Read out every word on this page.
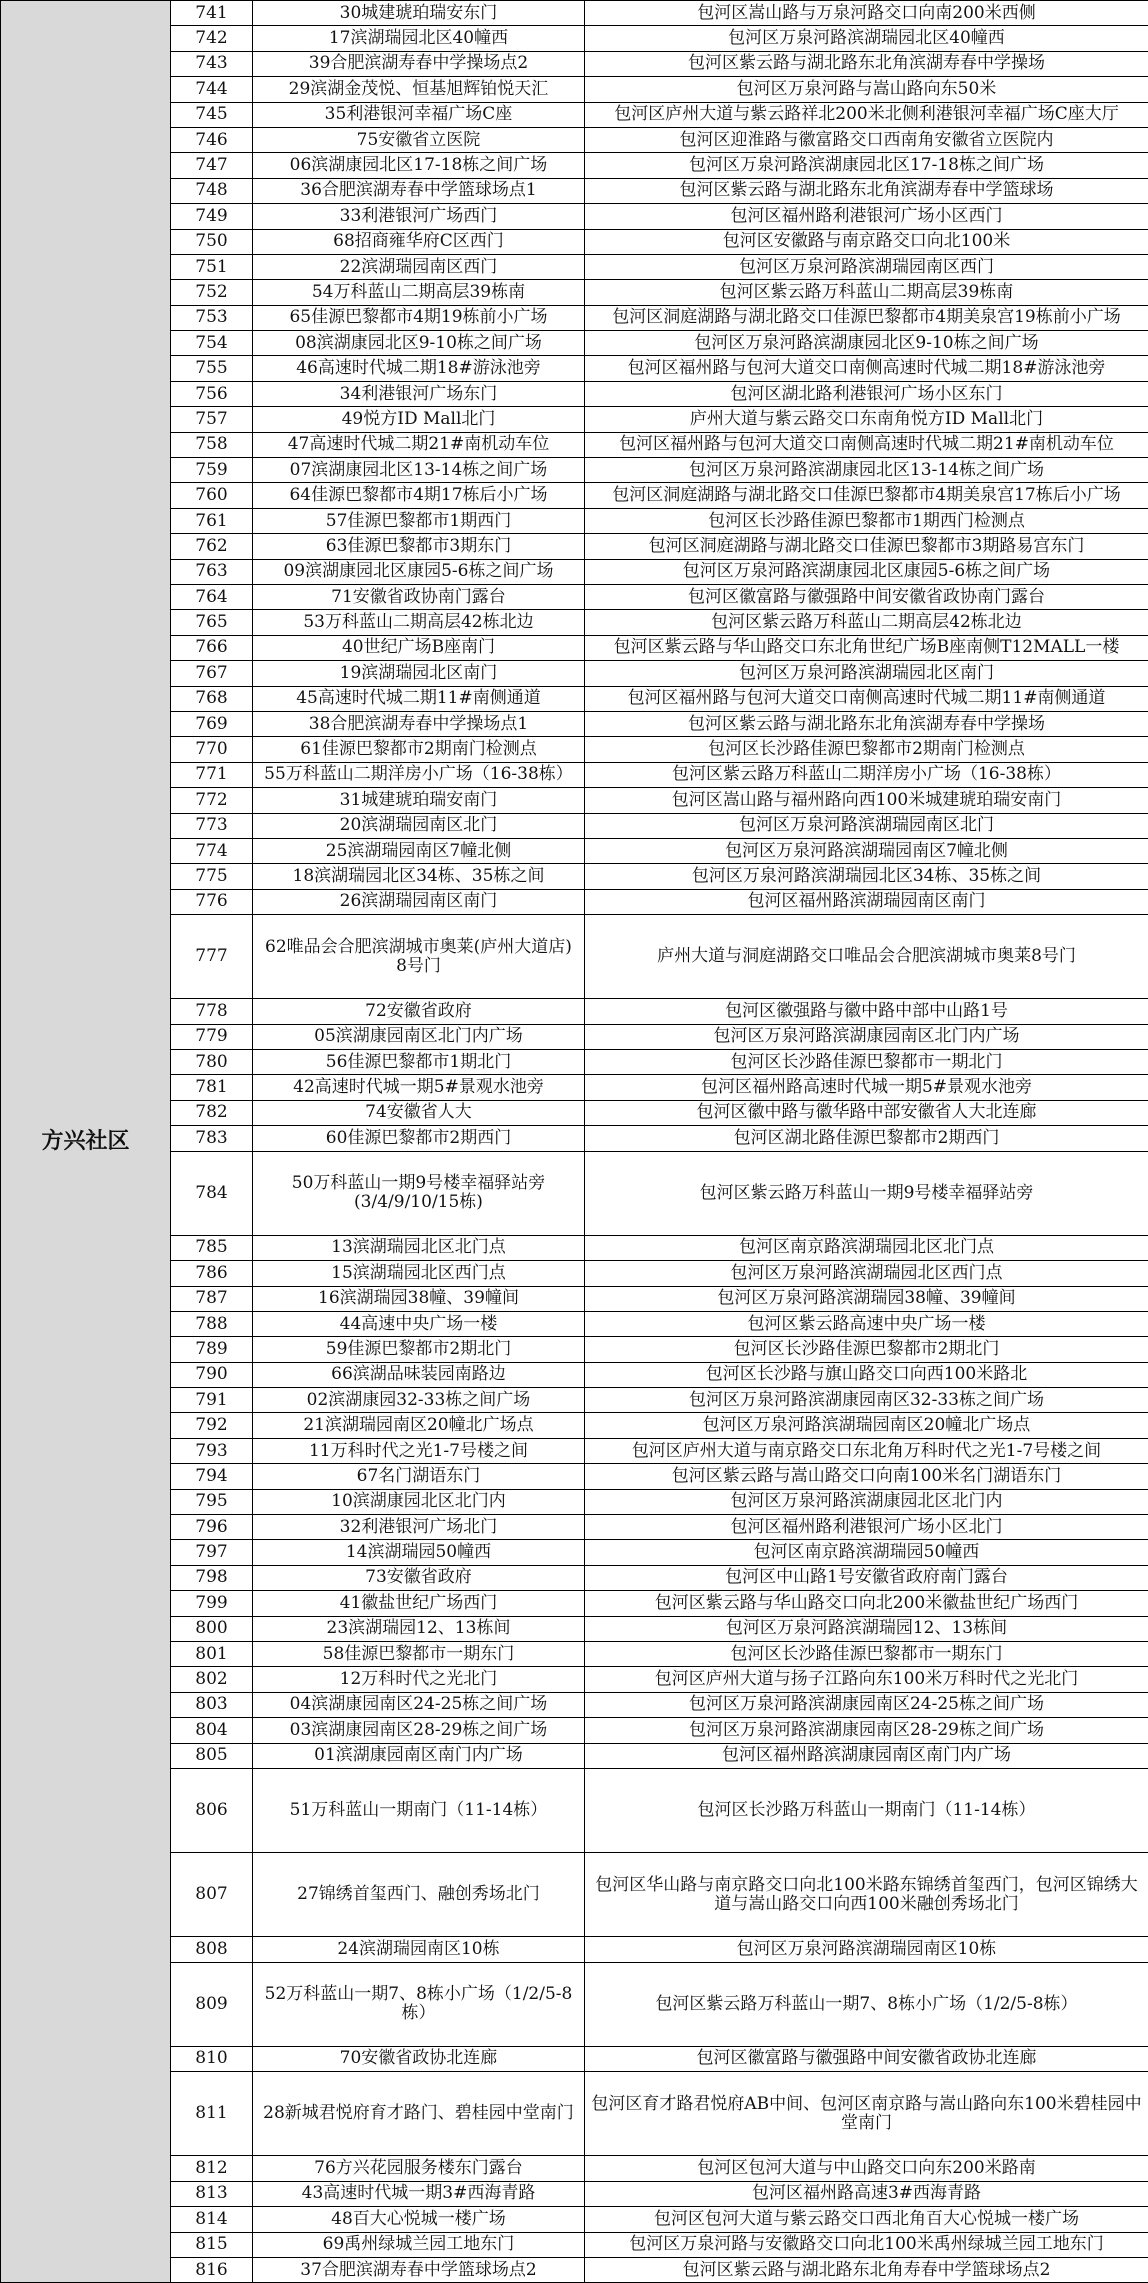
方兴社区	741	30城建琥珀瑞安东门	包河区嵩山路与万泉河路交口向南200米西侧
	742	17滨湖瑞园北区40幢西	包河区万泉河路滨湖瑞园北区40幢西
	743	39合肥滨湖寿春中学操场点2	包河区紫云路与湖北路东北角滨湖寿春中学操场
	744	29滨湖金茂悦、恒基旭辉铂悦天汇	包河区万泉河路与嵩山路向东50米
	745	35利港银河幸福广场C座	包河区庐州大道与紫云路祥北200米北侧利港银河幸福广场C座大厅
	746	75安徽省立医院	包河区迎淮路与徽富路交口西南角安徽省立医院内
	747	06滨湖康园北区17-18栋之间广场	包河区万泉河路滨湖康园北区17-18栋之间广场
	748	36合肥滨湖寿春中学篮球场点1	包河区紫云路与湖北路东北角滨湖寿春中学篮球场
	749	33利港银河广场西门	包河区福州路利港银河广场小区西门
	750	68招商雍华府C区西门	包河区安徽路与南京路交口向北100米
	751	22滨湖瑞园南区西门	包河区万泉河路滨湖瑞园南区西门
	752	54万科蓝山二期高层39栋南	包河区紫云路万科蓝山二期高层39栋南
	753	65佳源巴黎都市4期19栋前小广场	包河区洞庭湖路与湖北路交口佳源巴黎都市4期美泉宫19栋前小广场
	754	08滨湖康园北区9-10栋之间广场	包河区万泉河路滨湖康园北区9-10栋之间广场
	755	46高速时代城二期18#游泳池旁	包河区福州路与包河大道交口南侧高速时代城二期18#游泳池旁
	756	34利港银河广场东门	包河区湖北路利港银河广场小区东门
	757	49悦方ID Mall北门	庐州大道与紫云路交口东南角悦方ID Mall北门
	758	47高速时代城二期21#南机动车位	包河区福州路与包河大道交口南侧高速时代城二期21#南机动车位
	759	07滨湖康园北区13-14栋之间广场	包河区万泉河路滨湖康园北区13-14栋之间广场
	760	64佳源巴黎都市4期17栋后小广场	包河区洞庭湖路与湖北路交口佳源巴黎都市4期美泉宫17栋后小广场
	761	57佳源巴黎都市1期西门	包河区长沙路佳源巴黎都市1期西门检测点
	762	63佳源巴黎都市3期东门	包河区洞庭湖路与湖北路交口佳源巴黎都市3期路易宫东门
	763	09滨湖康园北区康园5-6栋之间广场	包河区万泉河路滨湖康园北区康园5-6栋之间广场
	764	71安徽省政协南门露台	包河区徽富路与徽强路中间安徽省政协南门露台
	765	53万科蓝山二期高层42栋北边	包河区紫云路万科蓝山二期高层42栋北边
	766	40世纪广场B座南门	包河区紫云路与华山路交口东北角世纪广场B座南侧T12MALL一楼
	767	19滨湖瑞园北区南门	包河区万泉河路滨湖瑞园北区南门
	768	45高速时代城二期11#南侧通道	包河区福州路与包河大道交口南侧高速时代城二期11#南侧通道
	769	38合肥滨湖寿春中学操场点1	包河区紫云路与湖北路东北角滨湖寿春中学操场
	770	61佳源巴黎都市2期南门检测点	包河区长沙路佳源巴黎都市2期南门检测点
	771	55万科蓝山二期洋房小广场（16-38栋）	包河区紫云路万科蓝山二期洋房小广场（16-38栋）
	772	31城建琥珀瑞安南门	包河区嵩山路与福州路向西100米城建琥珀瑞安南门
	773	20滨湖瑞园南区北门	包河区万泉河路滨湖瑞园南区北门
	774	25滨湖瑞园南区7幢北侧	包河区万泉河路滨湖瑞园南区7幢北侧
	775	18滨湖瑞园北区34栋、35栋之间	包河区万泉河路滨湖瑞园北区34栋、35栋之间
	776	26滨湖瑞园南区南门	包河区福州路滨湖瑞园南区南门
	777	62唯品会合肥滨湖城市奥莱(庐州大道店) 8号门	庐州大道与洞庭湖路交口唯品会合肥滨湖城市奥莱8号门
	778	72安徽省政府	包河区徽强路与徽中路中部中山路1号
	779	05滨湖康园南区北门内广场	包河区万泉河路滨湖康园南区北门内广场
	780	56佳源巴黎都市1期北门	包河区长沙路佳源巴黎都市一期北门
	781	42高速时代城一期5#景观水池旁	包河区福州路高速时代城一期5#景观水池旁
	782	74安徽省人大	包河区徽中路与徽华路中部安徽省人大北连廊
	783	60佳源巴黎都市2期西门	包河区湖北路佳源巴黎都市2期西门
	784	50万科蓝山一期9号楼幸福驿站旁(3/4/9/10/15栋)	包河区紫云路万科蓝山一期9号楼幸福驿站旁
	785	13滨湖瑞园北区北门点	包河区南京路滨湖瑞园北区北门点
	786	15滨湖瑞园北区西门点	包河区万泉河路滨湖瑞园北区西门点
	787	16滨湖瑞园38幢、39幢间	包河区万泉河路滨湖瑞园38幢、39幢间
	788	44高速中央广场一楼	包河区紫云路高速中央广场一楼
	789	59佳源巴黎都市2期北门	包河区长沙路佳源巴黎都市2期北门
	790	66滨湖品味装园南路边	包河区长沙路与旗山路交口向西100米路北
	791	02滨湖康园32-33栋之间广场	包河区万泉河路滨湖康园南区32-33栋之间广场
	792	21滨湖瑞园南区20幢北广场点	包河区万泉河路滨湖瑞园南区20幢北广场点
	793	11万科时代之光1-7号楼之间	包河区庐州大道与南京路交口东北角万科时代之光1-7号楼之间
	794	67名门湖语东门	包河区紫云路与嵩山路交口向南100米名门湖语东门
	795	10滨湖康园北区北门内	包河区万泉河路滨湖康园北区北门内
	796	32利港银河广场北门	包河区福州路利港银河广场小区北门
	797	14滨湖瑞园50幢西	包河区南京路滨湖瑞园50幢西
	798	73安徽省政府	包河区中山路1号安徽省政府南门露台
	799	41徽盐世纪广场西门	包河区紫云路与华山路交口向北200米徽盐世纪广场西门
	800	23滨湖瑞园12、13栋间	包河区万泉河路滨湖瑞园12、13栋间
	801	58佳源巴黎都市一期东门	包河区长沙路佳源巴黎都市一期东门
	802	12万科时代之光北门	包河区庐州大道与扬子江路向东100米万科时代之光北门
	803	04滨湖康园南区24-25栋之间广场	包河区万泉河路滨湖康园南区24-25栋之间广场
	804	03滨湖康园南区28-29栋之间广场	包河区万泉河路滨湖康园南区28-29栋之间广场
	805	01滨湖康园南区南门内广场	包河区福州路滨湖康园南区南门内广场
	806	51万科蓝山一期南门（11-14栋）	包河区长沙路万科蓝山一期南门（11-14栋）
	807	27锦绣首玺西门、融创秀场北门	包河区华山路与南京路交口向北100米路东锦绣首玺西门，包河区锦绣大道与嵩山路交口向西100米融创秀场北门
	808	24滨湖瑞园南区10栋	包河区万泉河路滨湖瑞园南区10栋
	809	52万科蓝山一期7、8栋小广场（1/2/5-8栋）	包河区紫云路万科蓝山一期7、8栋小广场（1/2/5-8栋）
	810	70安徽省政协北连廊	包河区徽富路与徽强路中间安徽省政协北连廊
	811	28新城君悦府育才路门、碧桂园中堂南门	包河区育才路君悦府AB中间、包河区南京路与嵩山路向东100米碧桂园中堂南门
	812	76方兴花园服务楼东门露台	包河区包河大道与中山路交口向东200米路南
	813	43高速时代城一期3#西海青路	包河区福州路高速3#西海青路
	814	48百大心悦城一楼广场	包河区包河大道与紫云路交口西北角百大心悦城一楼广场
	815	69禹州绿城兰园工地东门	包河区万泉河路与安徽路交口向北100米禹州绿城兰园工地东门
	816	37合肥滨湖寿春中学篮球场点2	包河区紫云路与湖北路东北角寿春中学篮球场点2
